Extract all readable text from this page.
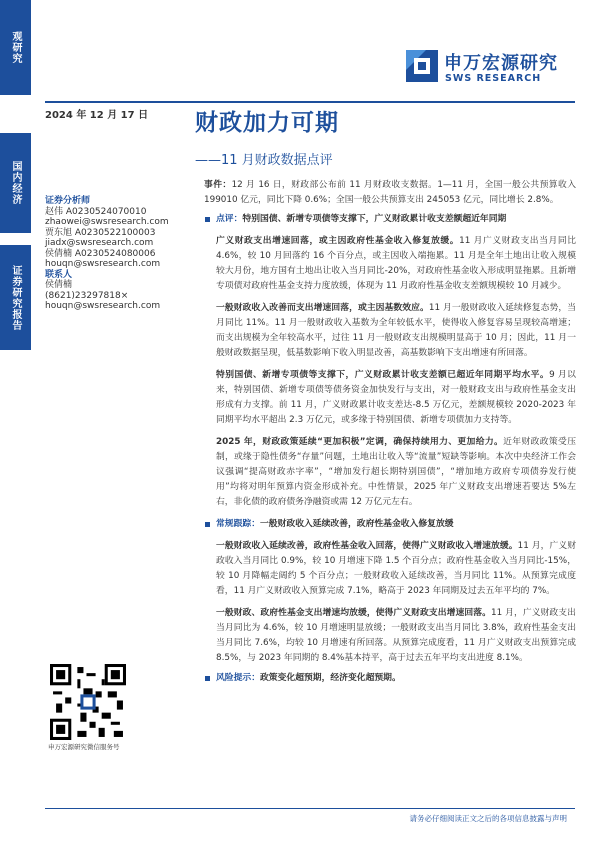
观研究
国内经济
证券研究报告
申万宏源研究
SWS RESEARCH
2024 年 12 月 17 日 财政加力可期
——11 月财政数据点评
证券分析师
赵伟 A0230524070010
zhaowei@swsresearch.com
贾东旭 A0230522100003
jiadx@swsresearch.com
侯倩楠 A0230524080006
houqn@swsresearch.com
联系人
侯倩楠
(8621)23297818×
houqn@swsresearch.com

事件：12 月 16 日，财政部公布前 11 月财政收支数据。1—11 月，全国一般公共预算收入 199010 亿元，同比下降 0.6%；全国一般公共预算支出 245053 亿元，同比增长 2.8%。

点评：特别国债、新增专项债等支撑下，广义财政累计收支差额超近年同期

广义财政支出增速回落，或主因政府性基金收入修复放缓。11 月广义财政支出当月同比 4.6%，较 10 月回落约 16 个百分点，或主因收入端拖累。11 月是全年土地出让收入规模较大月份，地方国有土地出让收入当月同比-20%，对政府性基金收入形成明显拖累。且新增专项债对政府性基金支持力度放缓，体现为 11 月政府性基金收支差额规模较 10 月减少。

一般财政收入改善而支出增速回落，或主因基数效应。11 月一般财政收入延续修复态势，当月同比 11%。11 月一般财政收入基数为全年较低水平，使得收入修复容易呈现较高增速；而支出规模为全年较高水平，过往 11 月一般财政支出规模明显高于 10 月；因此，11 月一般财政数据呈现，低基数影响下收入明显改善，高基数影响下支出增速有所回落。

特别国债、新增专项债等支撑下，广义财政累计收支差额已超近年同期平均水平。9 月以来，特别国债、新增专项债等债务资金加快发行与支出，对一般财政支出与政府性基金支出形成有力支撑。前 11 月，广义财政累计收支差达-8.5 万亿元，差额规模较 2020-2023 年同期平均水平超出 2.3 万亿元，或多缘于特别国债、新增专项债加力支持等。

2025 年，财政政策延续“更加积极”定调，确保持续用力、更加给力。近年财政政策受压制，或缘于隐性债务“存量”问题，土地出让收入等“流量”短缺等影响。本次中央经济工作会议强调“提高财政赤字率”，“增加发行超长期特别国债”，“增加地方政府专项债券发行使用”均将对明年预算内资金形成补充。中性情景，2025 年广义财政支出增速若要达 5%左右，非化债的政府债务净融资或需 12 万亿元左右。

常规跟踪：一般财政收入延续改善，政府性基金收入修复放缓

一般财政收入延续改善，政府性基金收入回落，使得广义财政收入增速放缓。11 月，广义财政收入当月同比 0.9%，较 10 月增速下降 1.5 个百分点；政府性基金收入当月同比-15%，较 10 月降幅走阔约 5 个百分点；一般财政收入延续改善，当月同比 11%。从预算完成度看，11 月广义财政收入预算完成 7.1%，略高于 2023 年同期及过去五年平均的 7%。

一般财政、政府性基金支出增速均放缓，使得广义财政支出增速回落。11 月，广义财政支出当月同比为 4.6%，较 10 月增速明显放缓；一般财政支出当月同比 3.8%，政府性基金支出当月同比 7.6%，均较 10 月增速有所回落。从预算完成度看，11 月广义财政支出预算完成 8.5%，与 2023 年同期的 8.4%基本持平，高于过去五年平均支出进度 8.1%。

风险提示：政策变化超预期，经济变化超预期。

申万宏源研究微信服务号
请务必仔细阅读正文之后的各项信息披露与声明
